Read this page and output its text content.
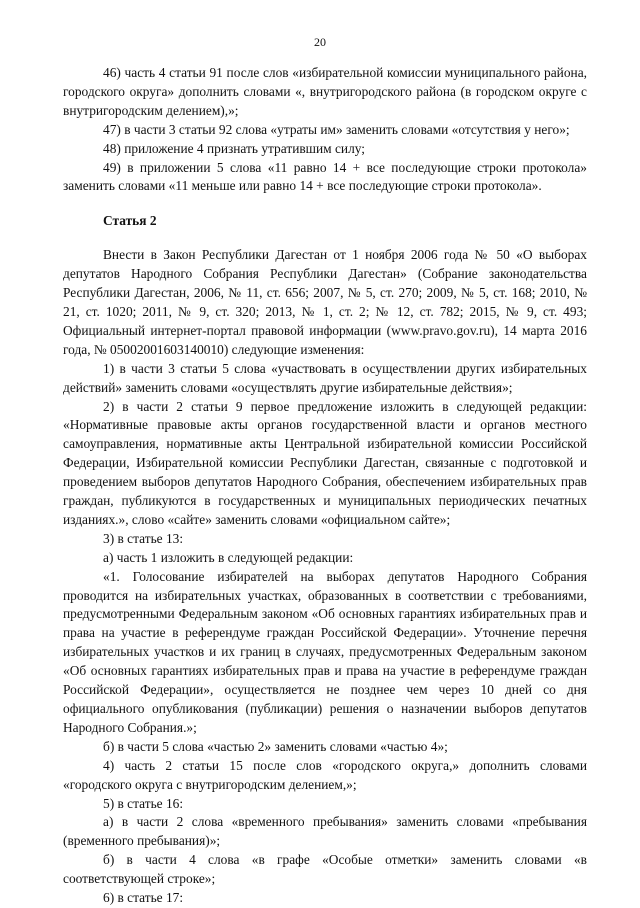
20

46) часть 4 статьи 91 после слов «избирательной комиссии муниципального района, городского округа» дополнить словами «, внутригородского района (в городском округе с внутригородским делением),»;

47) в части 3 статьи 92 слова «утраты им» заменить словами «отсутствия у него»;

48) приложение 4 признать утратившим силу;

49) в приложении 5 слова «11 равно 14 + все последующие строки протокола» заменить словами «11 меньше или равно 14 + все последующие строки протокола».

Статья 2

Внести в Закон Республики Дагестан от 1 ноября 2006 года № 50 «О выборах депутатов Народного Собрания Республики Дагестан» (Собрание законодательства Республики Дагестан, 2006, № 11, ст. 656; 2007, № 5, ст. 270; 2009, № 5, ст. 168; 2010, № 21, ст. 1020; 2011, № 9, ст. 320; 2013, № 1, ст. 2; № 12, ст. 782; 2015, № 9, ст. 493; Официальный интернет-портал правовой информации (www.pravo.gov.ru), 14 марта 2016 года, № 05002001603140010) следующие изменения:

1) в части 3 статьи 5 слова «участвовать в осуществлении других избирательных действий» заменить словами «осуществлять другие избирательные действия»;

2) в части 2 статьи 9 первое предложение изложить в следующей редакции: «Нормативные правовые акты органов государственной власти и органов местного самоуправления, нормативные акты Центральной избирательной комиссии Российской Федерации, Избирательной комиссии Республики Дагестан, связанные с подготовкой и проведением выборов депутатов Народного Собрания, обеспечением избирательных прав граждан, публикуются в государственных и муниципальных периодических печатных изданиях.», слово «сайте» заменить словами «официальном сайте»;

3) в статье 13:

а) часть 1 изложить в следующей редакции:

«1. Голосование избирателей на выборах депутатов Народного Собрания проводится на избирательных участках, образованных в соответствии с требованиями, предусмотренными Федеральным законом «Об основных гарантиях избирательных прав и права на участие в референдуме граждан Российской Федерации». Уточнение перечня избирательных участков и их границ в случаях, предусмотренных Федеральным законом «Об основных гарантиях избирательных прав и права на участие в референдуме граждан Российской Федерации», осуществляется не позднее чем через 10 дней со дня официального опубликования (публикации) решения о назначении выборов депутатов Народного Собрания.»;

б) в части 5 слова «частью 2» заменить словами «частью 4»;

4) часть 2 статьи 15 после слов «городского округа,» дополнить словами «городского округа с внутригородским делением,»;

5) в статье 16:

а) в части 2 слова «временного пребывания» заменить словами «пребывания (временного пребывания)»;

б) в части 4 слова «в графе «Особые отметки» заменить словами «в соответствующей строке»;

6) в статье 17:
